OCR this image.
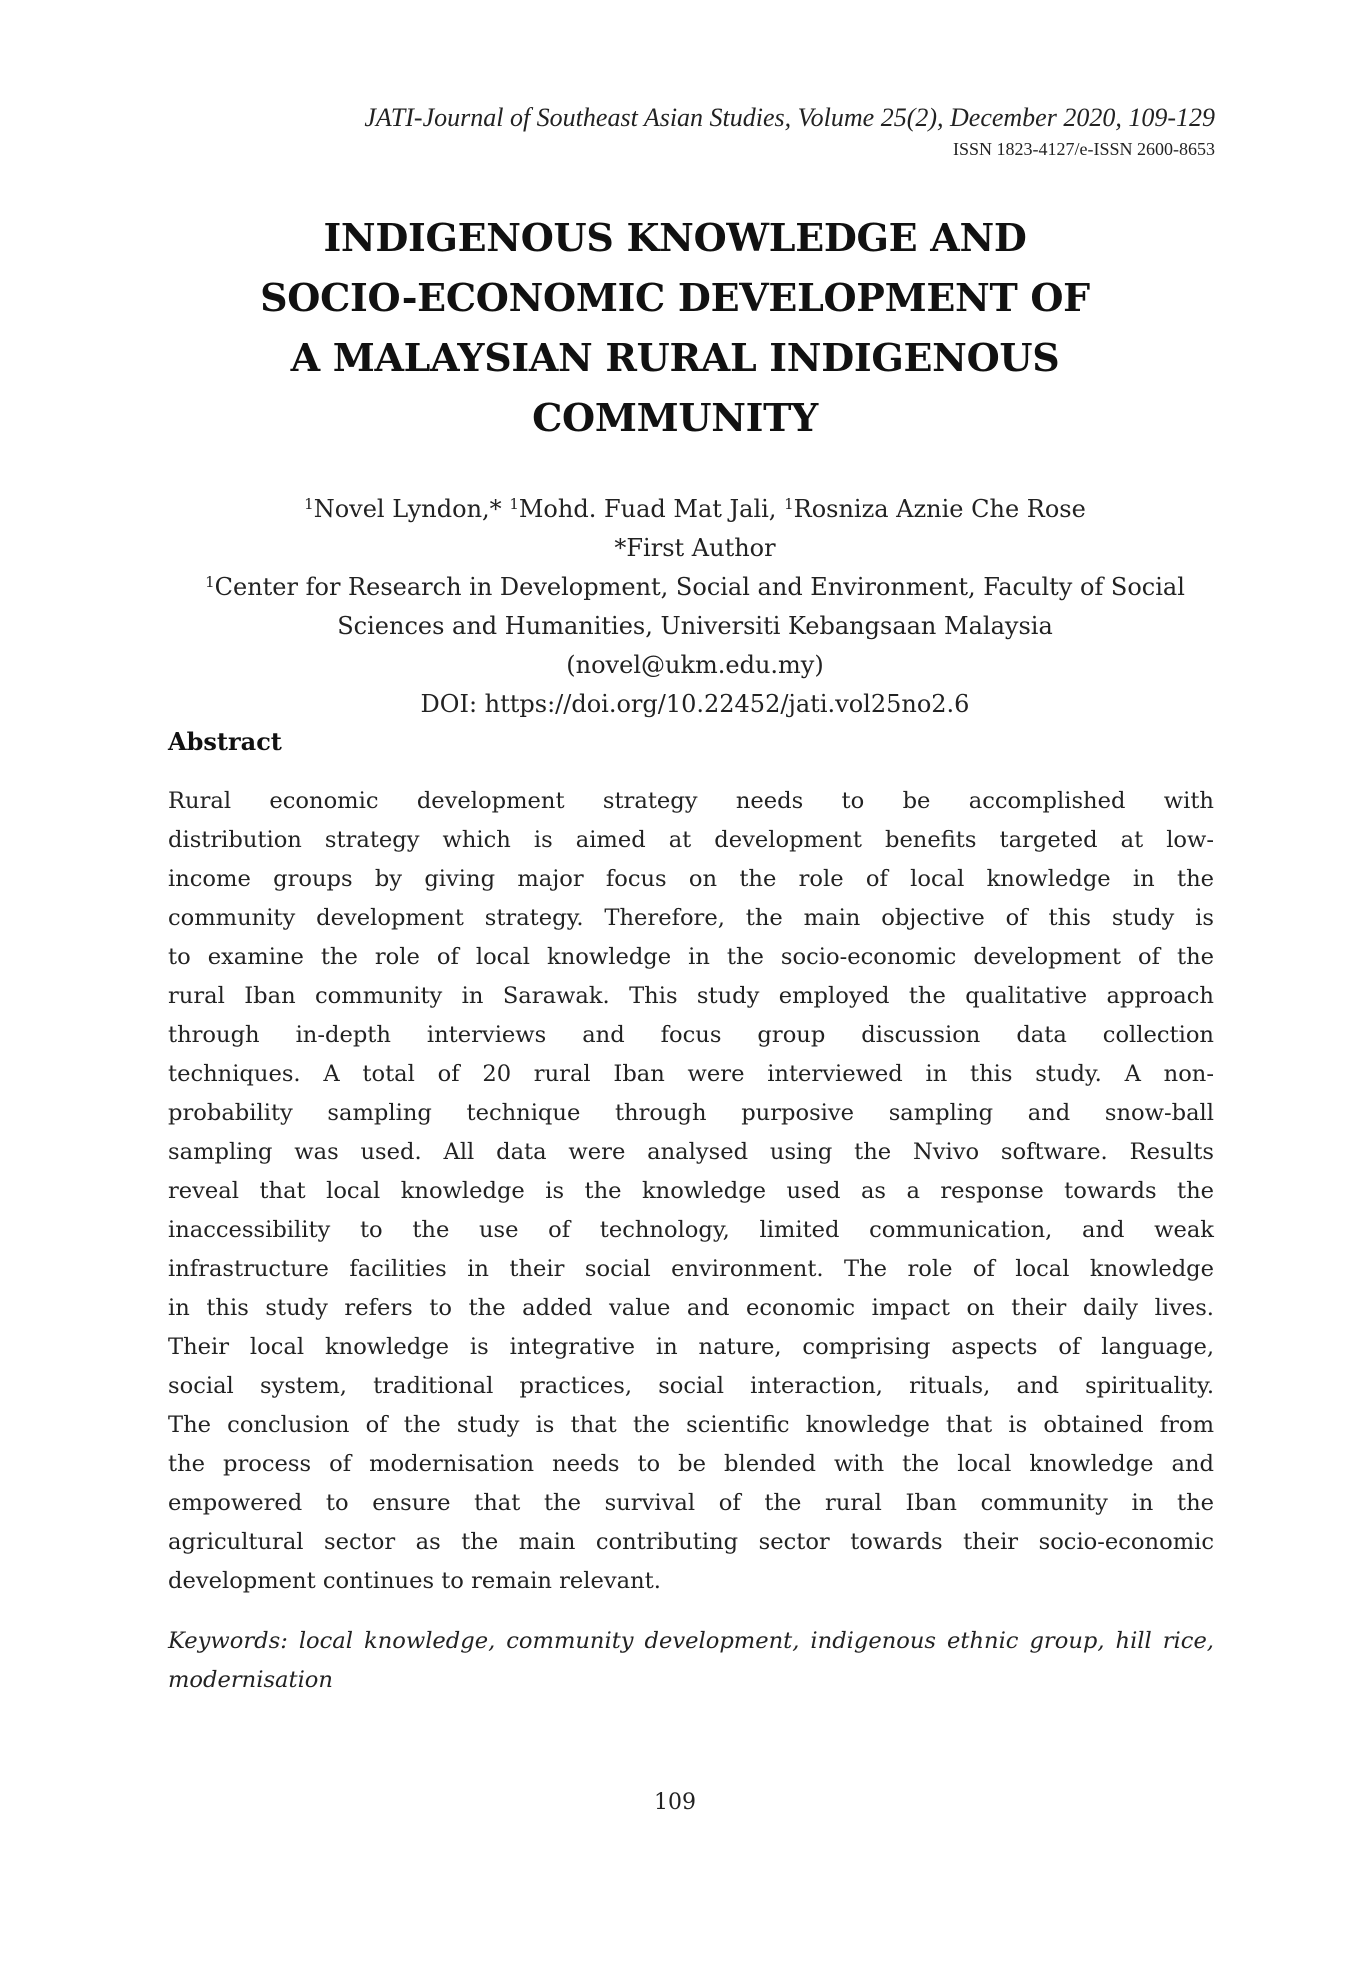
JATI-Journal of Southeast Asian Studies, Volume 25(2), December 2020, 109-129
ISSN 1823-4127/e-ISSN 2600-8653
INDIGENOUS KNOWLEDGE AND
SOCIO-ECONOMIC DEVELOPMENT OF
A MALAYSIAN RURAL INDIGENOUS
COMMUNITY
$^1$Novel Lyndon,* $^1$Mohd. Fuad Mat Jali, $^1$Rosniza Aznie Che Rose
*First Author
$^1$Center for Research in Development, Social and Environment, Faculty of Social
Sciences and Humanities, Universiti Kebangsaan Malaysia
(novel@ukm.edu.my)
DOI: https://doi.org/10.22452/jati.vol25no2.6
Abstract
Rural economic development strategy needs to be accomplished with
distribution strategy which is aimed at development benefits targeted at low-
income groups by giving major focus on the role of local knowledge in the
community development strategy. Therefore, the main objective of this study is
to examine the role of local knowledge in the socio-economic development of the
rural Iban community in Sarawak. This study employed the qualitative approach
through in-depth interviews and focus group discussion data collection
techniques. A total of 20 rural Iban were interviewed in this study. A non-
probability sampling technique through purposive sampling and snow-ball
sampling was used. All data were analysed using the Nvivo software. Results
reveal that local knowledge is the knowledge used as a response towards the
inaccessibility to the use of technology, limited communication, and weak
infrastructure facilities in their social environment. The role of local knowledge
in this study refers to the added value and economic impact on their daily lives.
Their local knowledge is integrative in nature, comprising aspects of language,
social system, traditional practices, social interaction, rituals, and spirituality.
The conclusion of the study is that the scientific knowledge that is obtained from
the process of modernisation needs to be blended with the local knowledge and
empowered to ensure that the survival of the rural Iban community in the
agricultural sector as the main contributing sector towards their socio-economic
development continues to remain relevant.
Keywords: local knowledge, community development, indigenous ethnic group, hill rice,
modernisation
109
